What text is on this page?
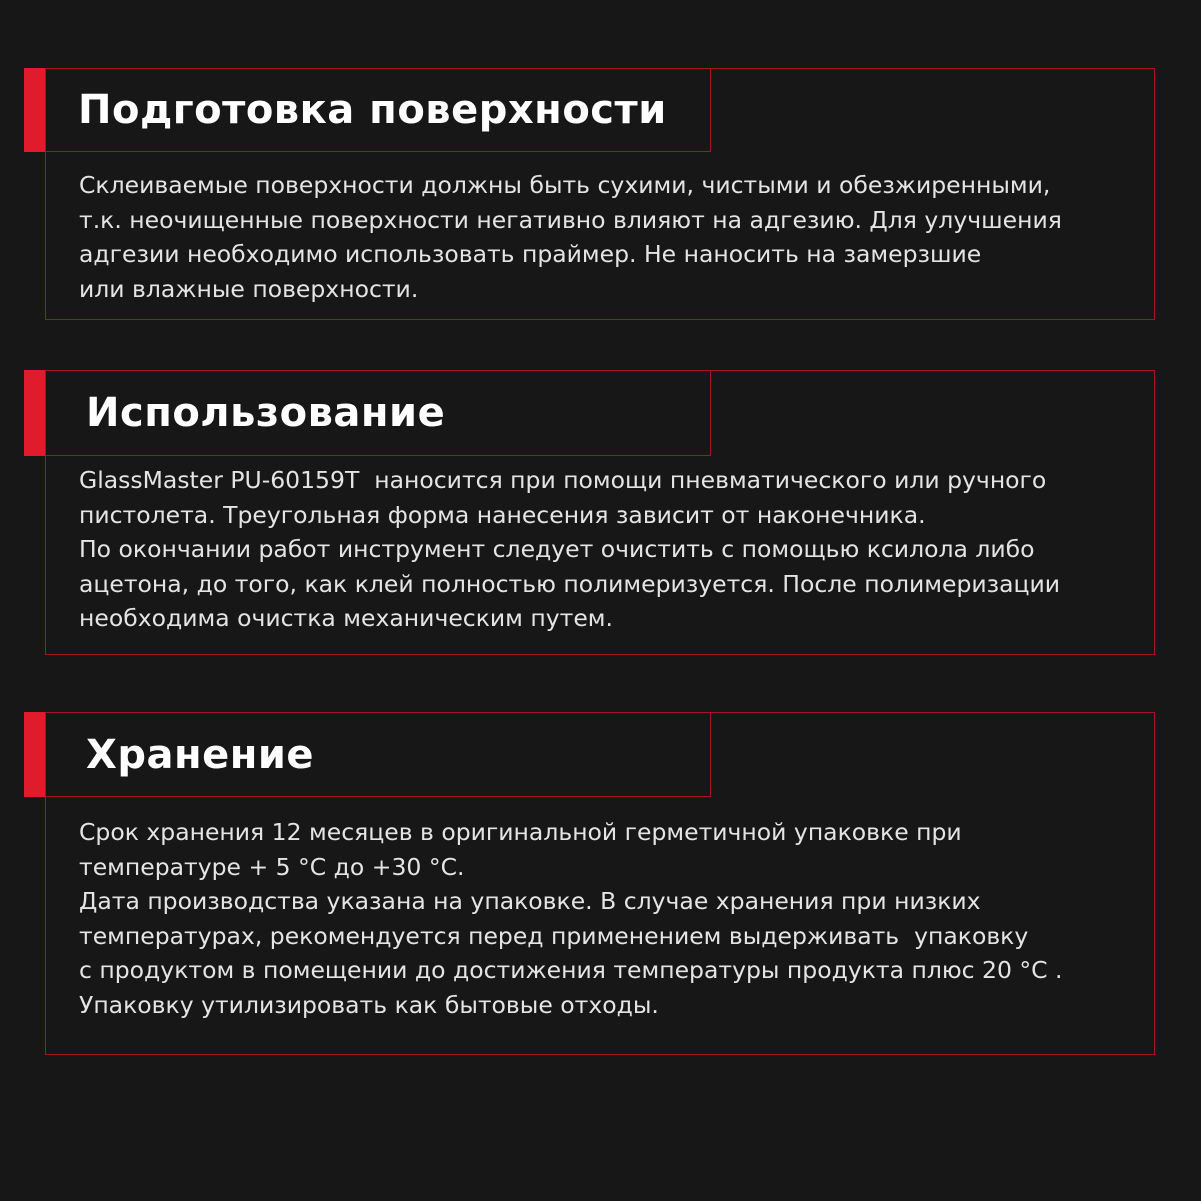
Подготовка поверхности
Склеиваемые поверхности должны быть сухими, чистыми и обезжиренными,
т.к. неочищенные поверхности негативно влияют на адгезию. Для улучшения
адгезии необходимо использовать праймер. Не наносить на замерзшие
или влажные поверхности.
Использование
GlassMaster PU-60159T  наносится при помощи пневматического или ручного
пистолета. Треугольная форма нанесения зависит от наконечника.
По окончании работ инструмент следует очистить с помощью ксилола либо
ацетона, до того, как клей полностью полимеризуется. После полимеризации
необходима очистка механическим путем.
Хранение
Срок хранения 12 месяцев в оригинальной герметичной упаковке при
температуре + 5 °С до +30 °С.
Дата производства указана на упаковке. В случае хранения при низких
температурах, рекомендуется перед применением выдерживать  упаковку
с продуктом в помещении до достижения температуры продукта плюс 20 °С .
Упаковку утилизировать как бытовые отходы.
